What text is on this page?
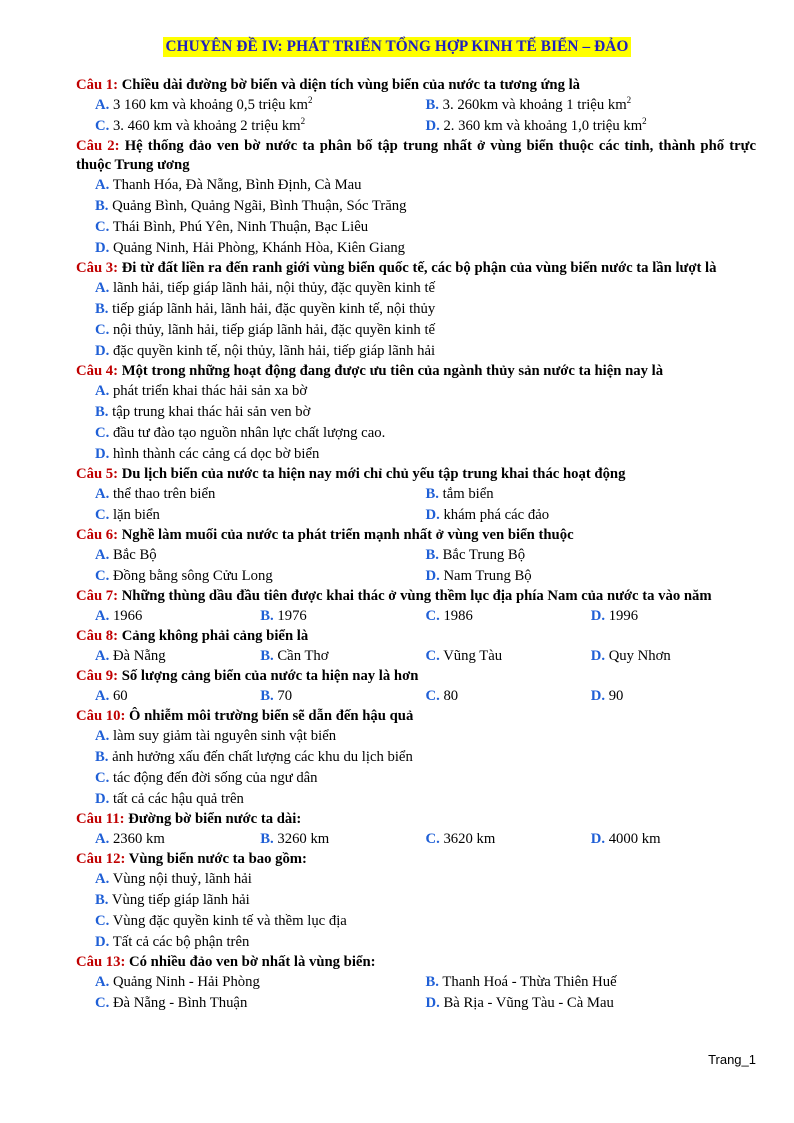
CHUYÊN ĐỀ IV: PHÁT TRIỂN TỔNG HỢP KINH TẾ BIỂN – ĐẢO
Câu 1: Chiều dài đường bờ biển và diện tích vùng biển của nước ta tương ứng là
A. 3 160 km và khoảng 0,5 triệu $km^2$	B. 3. 260km và khoảng 1 triệu $km^2$
C. 3. 460 km và khoảng 2 triệu $km^2$	D. 2. 360 km và khoảng 1,0 triệu $km^2$
Câu 2: Hệ thống đảo ven bờ nước ta phân bố tập trung nhất ở vùng biển thuộc các tỉnh, thành phố trực thuộc Trung ương
A. Thanh Hóa, Đà Nẵng, Bình Định, Cà Mau
B. Quảng Bình, Quảng Ngãi, Bình Thuận, Sóc Trăng
C. Thái Bình, Phú Yên, Ninh Thuận, Bạc Liêu
D. Quảng Ninh, Hải Phòng, Khánh Hòa, Kiên Giang
Câu 3: Đi từ đất liền ra đến ranh giới vùng biển quốc tế, các bộ phận của vùng biển nước ta lần lượt là
A. lãnh hải, tiếp giáp lãnh hải, nội thủy, đặc quyền kinh tế
B. tiếp giáp lãnh hải, lãnh hải, đặc quyền kinh tế, nội thủy
C. nội thủy, lãnh hải, tiếp giáp lãnh hải, đặc quyền kinh tế
D. đặc quyền kinh tế, nội thủy, lãnh hải, tiếp giáp lãnh hải
Câu 4: Một trong những hoạt động đang được ưu tiên của ngành thủy sản nước ta hiện nay là
A. phát triển khai thác hải sản xa bờ
B. tập trung khai thác hải sản ven bờ
C. đầu tư đào tạo nguồn nhân lực chất lượng cao.
D. hình thành các cảng cá dọc bờ biển
Câu 5: Du lịch biển của nước ta hiện nay mới chỉ chủ yếu tập trung khai thác hoạt động
A. thể thao trên biển	B. tắm biển
C. lặn biển	D. khám phá các đảo
Câu 6: Nghề làm muối của nước ta phát triển mạnh nhất ở vùng ven biển thuộc
A. Bắc Bộ	B. Bắc Trung Bộ
C. Đồng bằng sông Cửu Long	D. Nam Trung Bộ
Câu 7: Những thùng dầu đầu tiên được khai thác ở vùng thềm lục địa phía Nam của nước ta vào năm
A. 1966	B. 1976	C. 1986	D. 1996
Câu 8: Cảng không phải cảng biển là
A. Đà Nẵng	B. Cần Thơ	C. Vũng Tàu	D. Quy Nhơn
Câu 9: Số lượng cảng biển của nước ta hiện nay là hơn
A. 60	B. 70	C. 80	D. 90
Câu 10: Ô nhiễm môi trường biển sẽ dẫn đến hậu quả
A. làm suy giảm tài nguyên sinh vật biển
B. ảnh hưởng xấu đến chất lượng các khu du lịch biển
C. tác động đến đời sống của ngư dân
D. tất cả các hậu quả trên
Câu 11: Đường bờ biển nước ta dài:
A. 2360 km	B. 3260 km	C. 3620 km	D. 4000 km
Câu 12: Vùng biển nước ta bao gồm:
A. Vùng nội thuỷ, lãnh hải
B. Vùng tiếp giáp lãnh hải
C. Vùng đặc quyền kinh tế và thềm lục địa
D. Tất cả các bộ phận trên
Câu 13: Có nhiều đảo ven bờ nhất là vùng biển:
A. Quảng Ninh - Hải Phòng	B. Thanh Hoá - Thừa Thiên Huế
C. Đà Nẵng - Bình Thuận	D. Bà Rịa - Vũng Tàu - Cà Mau
Trang_1
